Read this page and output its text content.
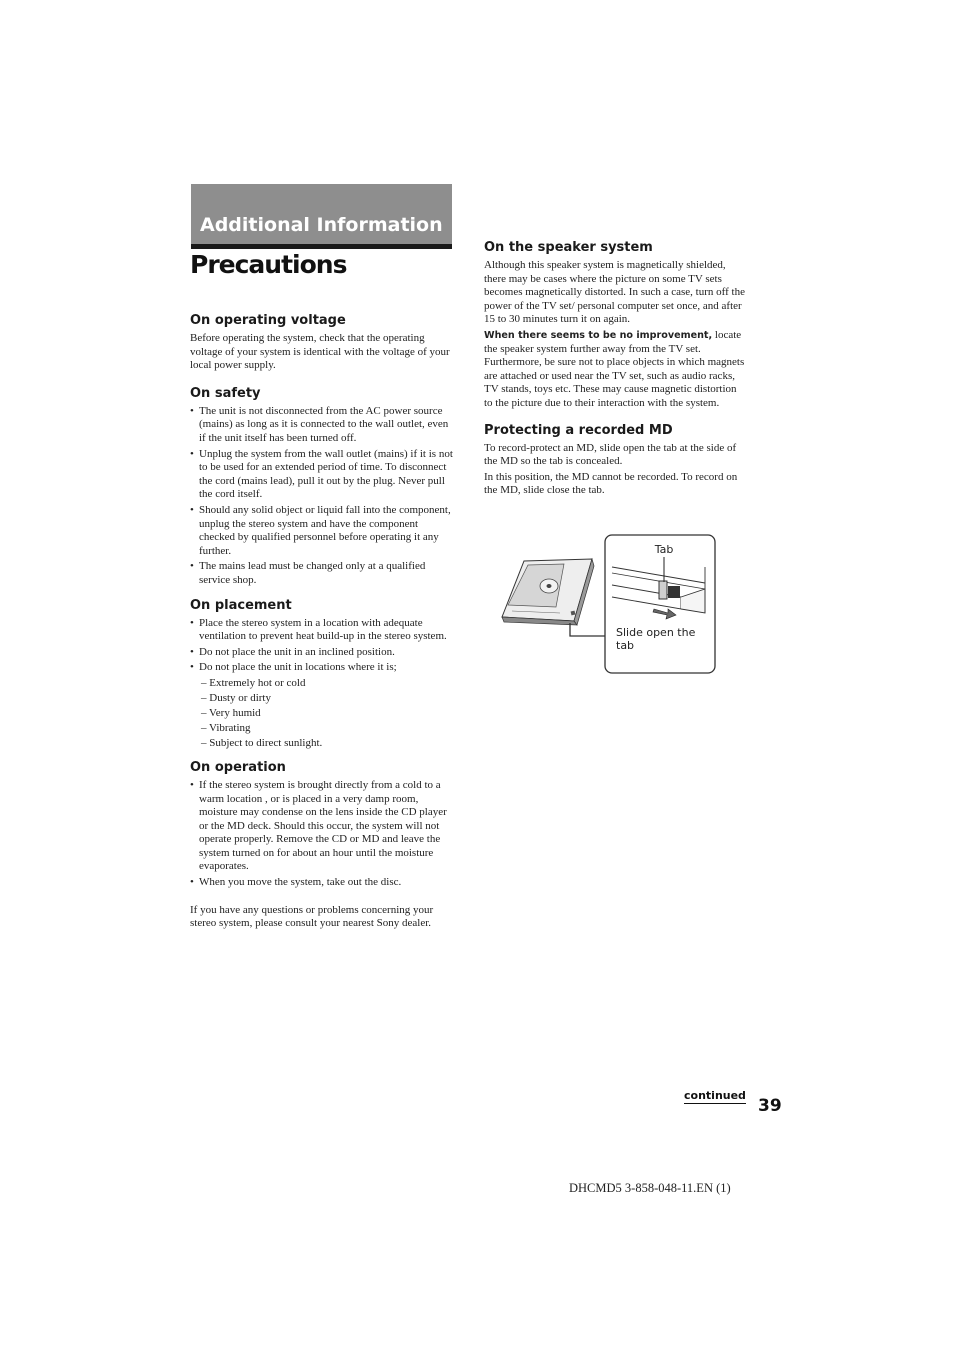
Additional Information
Precautions
On operating voltage

Before operating the system, check that the operating voltage of your system is identical with the voltage of your local power supply.

On safety
• The unit is not disconnected from the AC power source (mains) as long as it is connected to the wall outlet, even if the unit itself has been turned off.
• Unplug the system from the wall outlet (mains) if it is not to be used for an extended period of time. To disconnect the cord (mains lead), pull it out by the plug. Never pull the cord itself.
• Should any solid object or liquid fall into the component, unplug the stereo system and have the component checked by qualified personnel before operating it any further.
• The mains lead must be changed only at a qualified service shop.
On placement
• Place the stereo system in a location with adequate ventilation to prevent heat build-up in the stereo system.
• Do not place the unit in an inclined position.
• Do not place the unit in locations where it is;
– Extremely hot or cold
– Dusty or dirty
– Very humid
– Vibrating
– Subject to direct sunlight.
On operation
• If the stereo system is brought directly from a cold to a warm location , or is placed in a very damp room, moisture may condense on the lens inside the CD player or the MD deck. Should this occur, the system will not operate properly. Remove the CD or MD and leave the system turned on for about an hour until the moisture evaporates.
• When you move the system, take out the disc.

If you have any questions or problems concerning your stereo system, please consult your nearest Sony dealer.

On the speaker system

Although this speaker system is magnetically shielded, there may be cases where the picture on some TV sets becomes magnetically distorted. In such a case, turn off the power of the TV set/ personal computer set once, and after 15 to 30 minutes turn it on again.

When there seems to be no improvement, locate the speaker system further away from the TV set. Furthermore, be sure not to place objects in which magnets are attached or used near the TV set, such as audio racks, TV stands, toys etc. These may cause magnetic distortion to the picture due to their interaction with the system.

Protecting a recorded MD

To record-protect an MD, slide open the tab at the side of the MD so the tab is concealed.

In this position, the MD cannot be recorded. To record on the MD, slide close the tab.

Tab
Slide open the
tab
continued
39
DHCMD5 3-858-048-11.EN (1)
